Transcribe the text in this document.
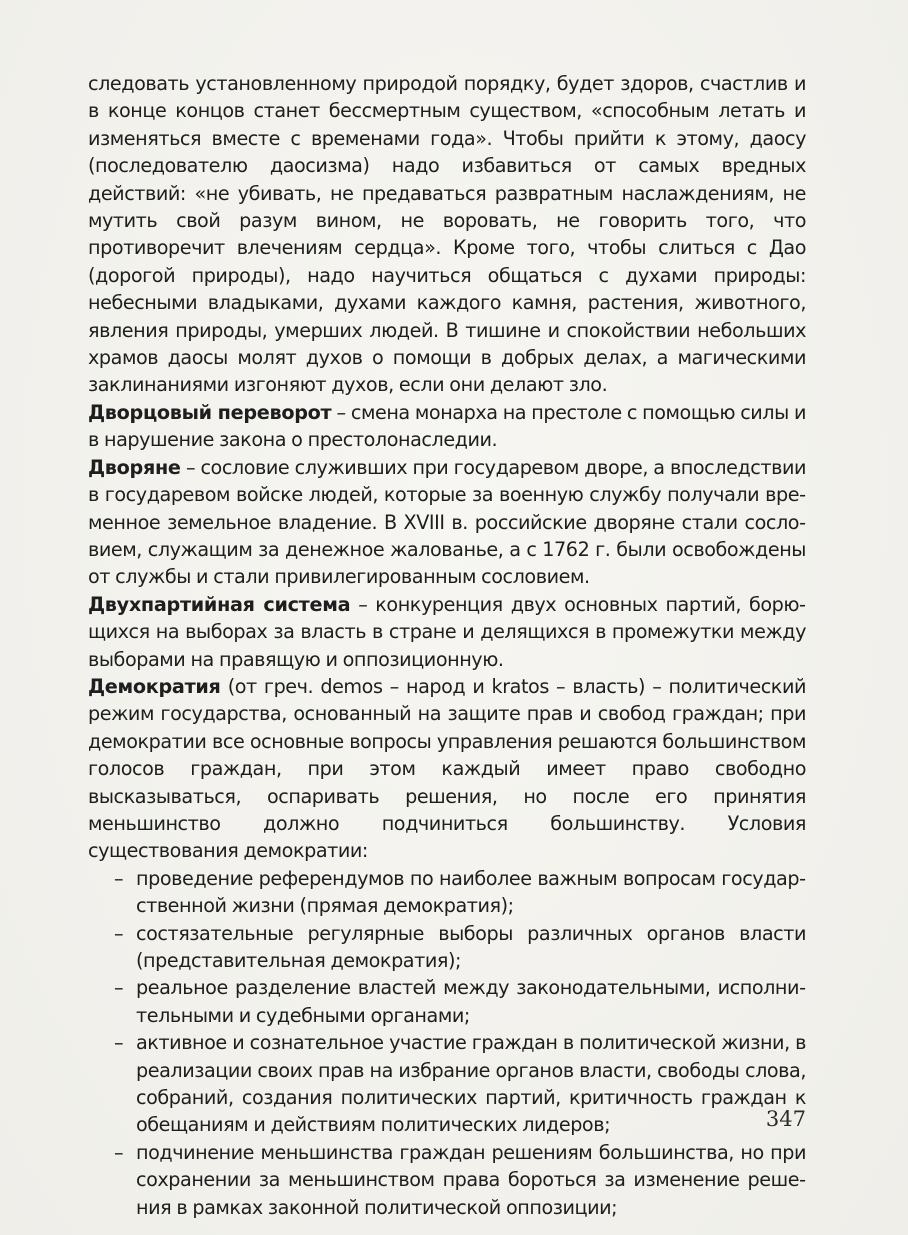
следовать установленному природой порядку, будет здоров, счастлив и в конце концов станет бессмертным существом, «способным летать и изменяться вместе с временами года». Чтобы прийти к этому, даосу (последователю даосизма) надо избавиться от самых вредных действий: «не убивать, не предаваться развратным наслаждениям, не мутить свой разум вином, не воровать, не говорить того, что противоречит влечениям сердца». Кроме того, чтобы слиться с Дао (дорогой природы), надо научиться общаться с духами природы: небесными владыками, духами каждого камня, растения, животного, явления природы, умерших людей. В тишине и спокойствии небольших храмов даосы молят духов о помощи в добрых делах, а магическими заклинаниями изгоняют духов, если они делают зло.

Дворцовый переворот – смена монарха на престоле с помощью силы и в нарушение закона о престолонаследии.

Дворяне – сословие служивших при государевом дворе, а впоследствии в государевом войске людей, которые за военную службу получали временное земельное владение. В XVIII в. российские дворяне стали сословием, служащим за денежное жалованье, а с 1762 г. были освобождены от службы и стали привилегированным сословием.

Двухпартийная система – конкуренция двух основных партий, борющихся на выборах за власть в стране и делящихся в промежутки между выборами на правящую и оппозиционную.

Демократия (от греч. demos – народ и kratos – власть) – политический режим государства, основанный на защите прав и свобод граждан; при демократии все основные вопросы управления решаются большинством голосов граждан, при этом каждый имеет право свободно высказываться, оспаривать решения, но после его принятия меньшинство должно подчиниться большинству. Условия существования демократии:

– проведение референдумов по наиболее важным вопросам государственной жизни (прямая демократия);
– состязательные регулярные выборы различных органов власти (представительная демократия);
– реальное разделение властей между законодательными, исполнительными и судебными органами;
– активное и сознательное участие граждан в политической жизни, в реализации своих прав на избрание органов власти, свободы слова, собраний, создания политических партий, критичность граждан к обещаниям и действиям политических лидеров;
– подчинение меньшинства граждан решениям большинства, но при сохранении за меньшинством права бороться за изменение решения в рамках законной политической оппозиции;
347
